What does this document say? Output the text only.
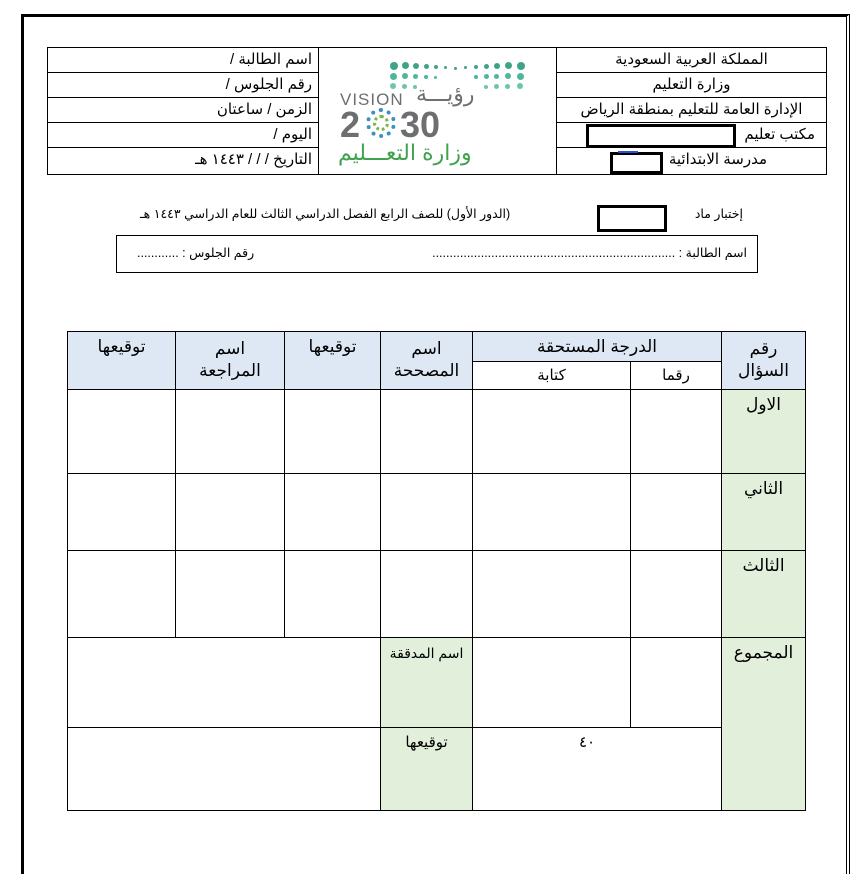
المملكة العربية السعودية
وزارة التعليم
الإدارة العامة للتعليم بمنطقة الرياض
مكتب تعليم
مدرسة الابتدائية
VISION رؤيـــة
2 30
وزارة التعـــليم
اسم الطالبة /
رقم الجلوس /
الزمن / ساعتان
اليوم /
التاريخ / / / ١٤٤٣ هـ
إختبار ماد
(الدور الأول) للصف الرابع الفصل الدراسي الثالث للعام الدراسي ١٤٤٣ هـ
اسم الطالبة : ......................................................................
رقم الجلوس : ............
رقم
السؤال
الدرجة المستحقة
رقما
كتابة
اسم
المصححة
توقيعها
اسم
المراجعة
توقيعها
الاول
الثاني
الثالث
المجموع
اسم المدققة
٤٠
توقيعها
